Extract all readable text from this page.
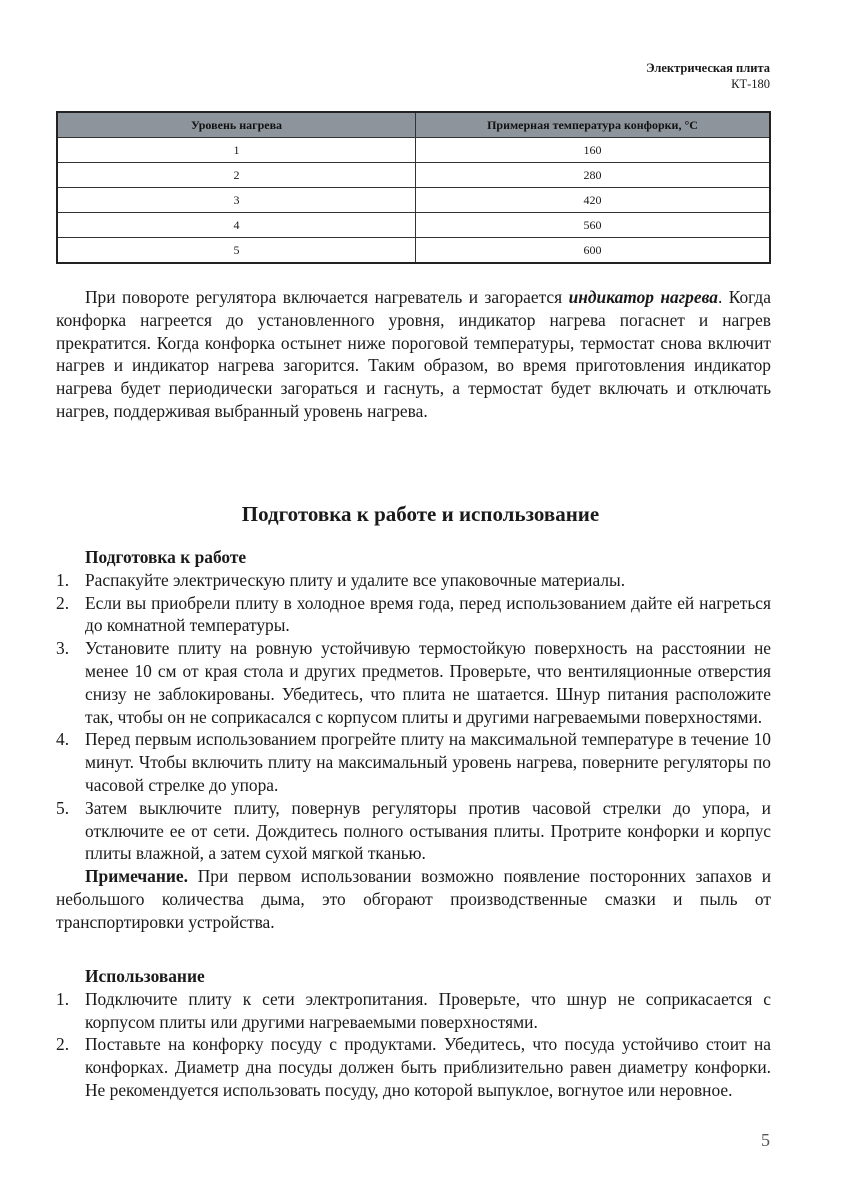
Электрическая плита
КТ-180
Уровень нагрева	Примерная температура конфорки, °С
1	160
2	280
3	420
4	560
5	600

При повороте регулятора включается нагреватель и загорается индикатор нагрева. Когда конфорка нагреется до установленного уровня, индикатор нагрева погаснет и нагрев прекратится. Когда конфорка остынет ниже пороговой температуры, термостат снова включит нагрев и индикатор нагрева загорится. Таким образом, во время приготовления индикатор нагрева будет периодически загораться и гаснуть, а термостат будет включать и отключать нагрев, поддерживая выбранный уровень нагрева.

Подготовка к работе и использование

Подготовка к работе

1. Распакуйте электрическую плиту и удалите все упаковочные материалы.
2. Если вы приобрели плиту в холодное время года, перед использованием дайте ей нагреться до комнатной температуры.
3. Установите плиту на ровную устойчивую термостойкую поверхность на расстоянии не менее 10 см от края стола и других предметов. Проверьте, что вентиляционные отверстия снизу не заблокированы. Убедитесь, что плита не шатается. Шнур питания расположите так, чтобы он не соприкасался с корпусом плиты и другими нагреваемыми поверхностями.
4. Перед первым использованием прогрейте плиту на максимальной температуре в течение 10 минут. Чтобы включить плиту на максимальный уровень нагрева, поверните регуляторы по часовой стрелке до упора.
5. Затем выключите плиту, повернув регуляторы против часовой стрелки до упора, и отключите ее от сети. Дождитесь полного остывания плиты. Протрите конфорки и корпус плиты влажной, а затем сухой мягкой тканью.

Примечание. При первом использовании возможно появление посторонних запахов и небольшого количества дыма, это обгорают производственные смазки и пыль от транспортировки устройства.

Использование

1. Подключите плиту к сети электропитания. Проверьте, что шнур не соприкасается с корпусом плиты или другими нагреваемыми поверхностями.
2. Поставьте на конфорку посуду с продуктами. Убедитесь, что посуда устойчиво стоит на конфорках. Диаметр дна посуды должен быть приблизительно равен диаметру конфорки. Не рекомендуется использовать посуду, дно которой выпуклое, вогнутое или неровное.
5
